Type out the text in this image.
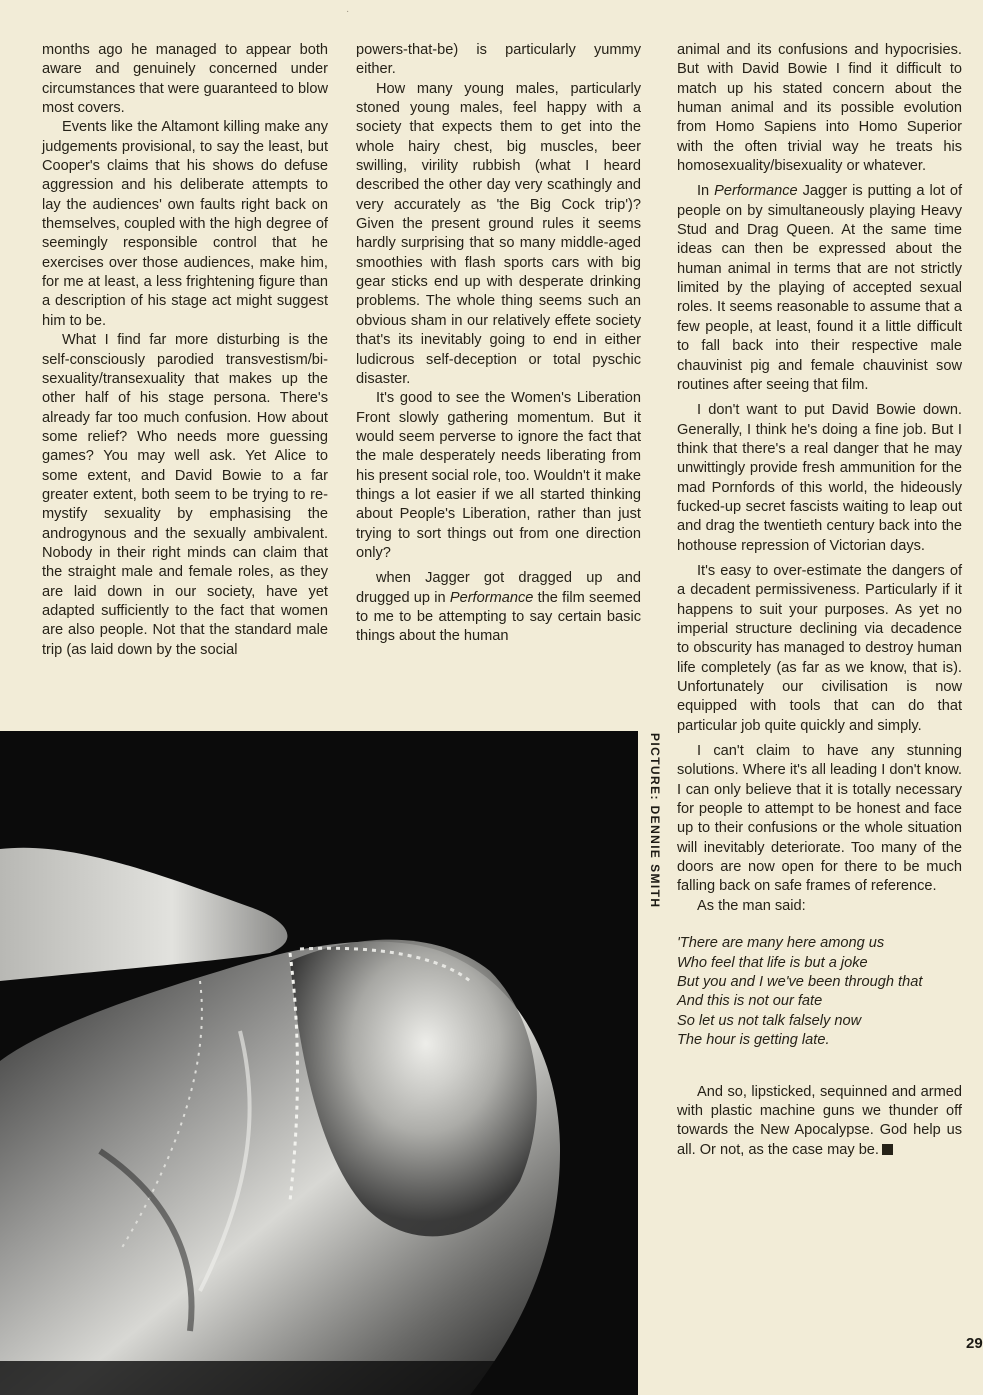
·

months ago he managed to appear both aware and genuinely concerned under circumstances that were guaranteed to blow most covers.

Events like the Altamont killing make any judgements provisional, to say the least, but Cooper's claims that his shows do defuse aggression and his deliberate attempts to lay the audiences' own faults right back on themselves, coupled with the high degree of seemingly responsible control that he exercises over those audiences, make him, for me at least, a less frightening figure than a description of his stage act might suggest him to be.

What I find far more disturbing is the self-consciously parodied transvestism/bi-sexuality/transexuality that makes up the other half of his stage persona. There's already far too much confusion. How about some relief? Who needs more guessing games? You may well ask. Yet Alice to some extent, and David Bowie to a far greater extent, both seem to be trying to re-mystify sexuality by emphasising the androgynous and the sexually ambivalent. Nobody in their right minds can claim that the straight male and female roles, as they are laid down in our society, have yet adapted sufficiently to the fact that women are also people. Not that the standard male trip (as laid down by the social

powers-that-be) is particularly yummy either.

How many young males, particularly stoned young males, feel happy with a society that expects them to get into the whole hairy chest, big muscles, beer swilling, virility rubbish (what I heard described the other day very scathingly and very accurately as 'the Big Cock trip')? Given the present ground rules it seems hardly surprising that so many middle-aged smoothies with flash sports cars with big gear sticks end up with desperate drinking problems. The whole thing seems such an obvious sham in our relatively effete society that's its inevitably going to end in either ludicrous self-deception or total pyschic disaster.

It's good to see the Women's Liberation Front slowly gathering momentum. But it would seem perverse to ignore the fact that the male desperately needs liberating from his present social role, too. Wouldn't it make things a lot easier if we all started thinking about People's Liberation, rather than just trying to sort things out from one direction only?

when Jagger got dragged up and drugged up in Performance the film seemed to me to be attempting to say certain basic things about the human

animal and its confusions and hypocrisies. But with David Bowie I find it difficult to match up his stated concern about the human animal and its possible evolution from Homo Sapiens into Homo Superior with the often trivial way he treats his homosexuality/bisexuality or whatever.

In Performance Jagger is putting a lot of people on by simultaneously playing Heavy Stud and Drag Queen. At the same time ideas can then be expressed about the human animal in terms that are not strictly limited by the playing of accepted sexual roles. It seems reasonable to assume that a few people, at least, found it a little difficult to fall back into their respective male chauvinist pig and female chauvinist sow routines after seeing that film.

I don't want to put David Bowie down. Generally, I think he's doing a fine job. But I think that there's a real danger that he may unwittingly provide fresh ammunition for the mad Pornfords of this world, the hideously fucked-up secret fascists waiting to leap out and drag the twentieth century back into the hothouse repression of Victorian days.

It's easy to over-estimate the dangers of a decadent permissiveness. Particularly if it happens to suit your purposes. As yet no imperial structure declining via decadence to obscurity has managed to destroy human life completely (as far as we know, that is). Unfortunately our civilisation is now equipped with tools that can do that particular job quite quickly and simply.

I can't claim to have any stunning solutions. Where it's all leading I don't know. I can only believe that it is totally necessary for people to attempt to be honest and face up to their confusions or the whole situation will inevitably deteriorate. Too many of the doors are now open for there to be much falling back on safe frames of reference.

As the man said:

'There are many here among us
Who feel that life is but a joke
But you and I we've been through that
And this is not our fate
So let us not talk falsely now
The hour is getting late.

And so, lipsticked, sequinned and armed with plastic machine guns we thunder off towards the New Apocalypse. God help us all. Or not, as the case may be.

PICTURE: DENNIE SMITH
29
